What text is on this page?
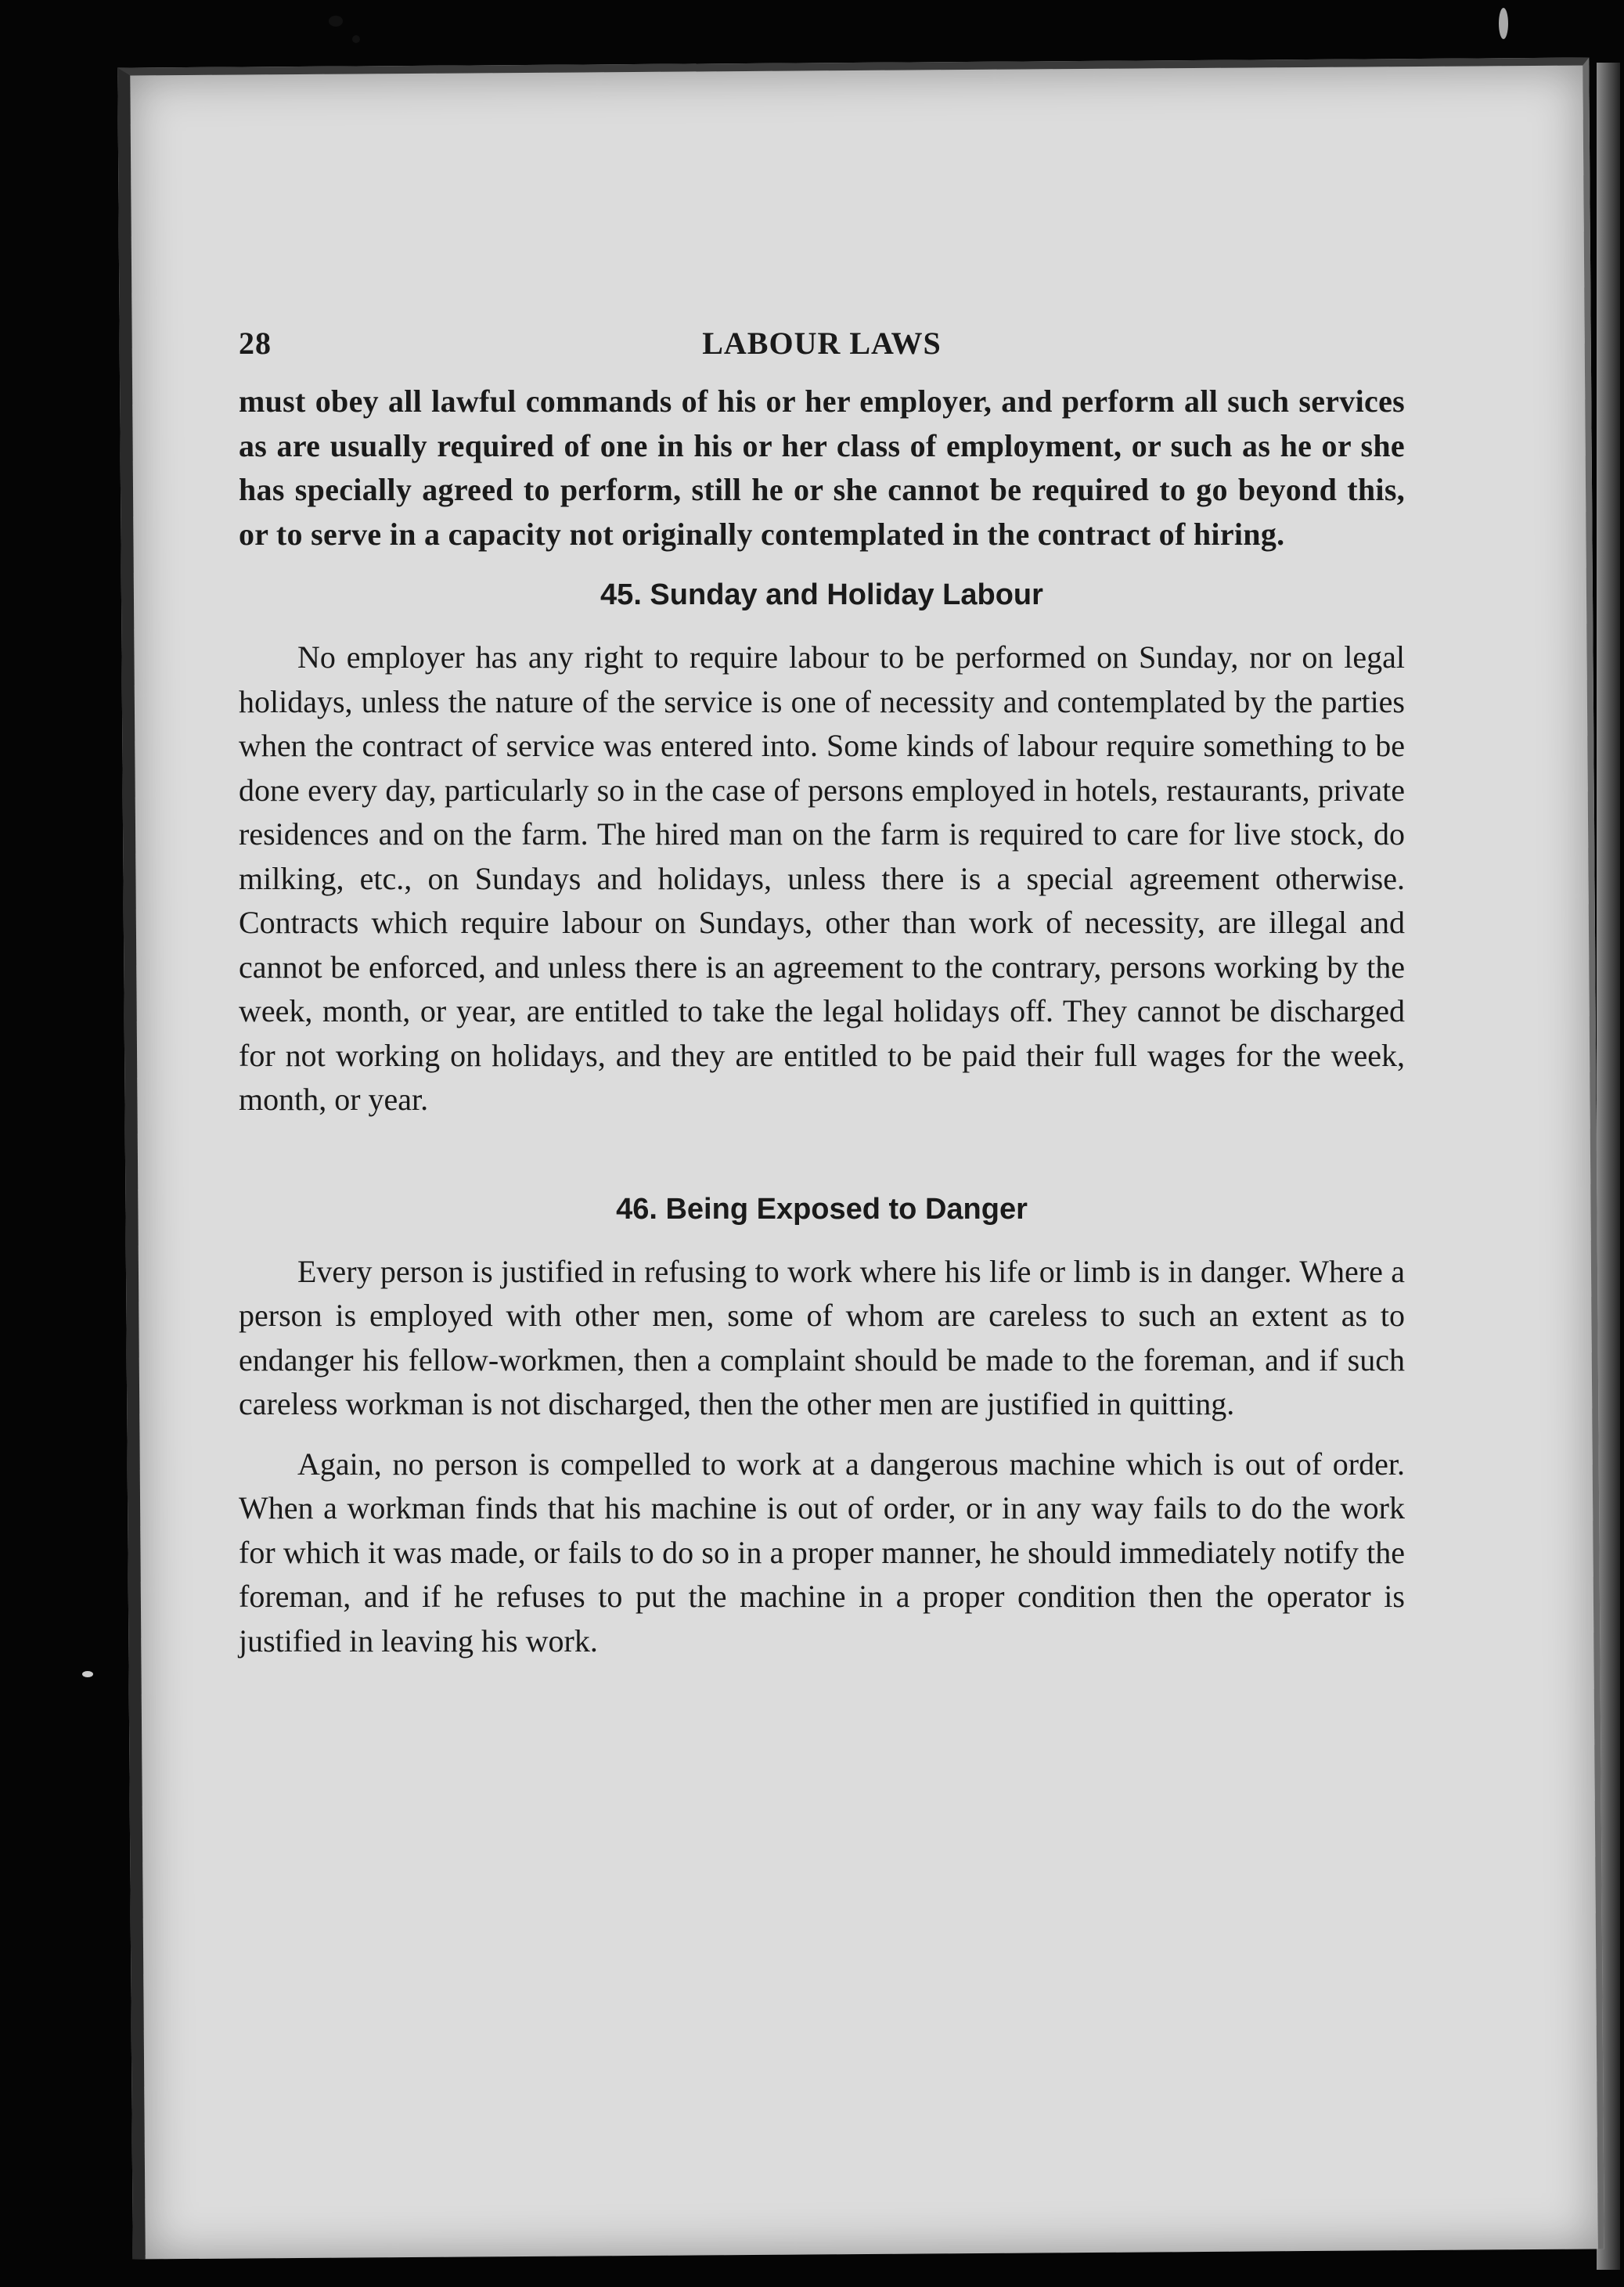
28	LABOUR LAWS

must obey all lawful commands of his or her employer, and perform all such services as are usually required of one in his or her class of employment, or such as he or she has specially agreed to perform, still he or she cannot be required to go beyond this, or to serve in a capacity not originally contemplated in the contract of hiring.

45. Sunday and Holiday Labour

No employer has any right to require labour to be performed on Sunday, nor on legal holidays, unless the nature of the service is one of necessity and contemplated by the parties when the contract of service was entered into. Some kinds of labour require something to be done every day, particularly so in the case of persons employed in hotels, restaurants, private residences and on the farm. The hired man on the farm is required to care for live stock, do milking, etc., on Sundays and holidays, unless there is a special agreement otherwise. Contracts which require labour on Sundays, other than work of necessity, are illegal and cannot be enforced, and unless there is an agreement to the contrary, persons working by the week, month, or year, are entitled to take the legal holidays off. They cannot be discharged for not working on holidays, and they are entitled to be paid their full wages for the week, month, or year.

46. Being Exposed to Danger

Every person is justified in refusing to work where his life or limb is in danger. Where a person is employed with other men, some of whom are careless to such an extent as to endanger his fellow-workmen, then a complaint should be made to the foreman, and if such careless workman is not discharged, then the other men are justified in quitting.

Again, no person is compelled to work at a dangerous machine which is out of order. When a workman finds that his machine is out of order, or in any way fails to do the work for which it was made, or fails to do so in a proper manner, he should immediately notify the foreman, and if he refuses to put the machine in a proper condition then the operator is justified in leaving his work.
